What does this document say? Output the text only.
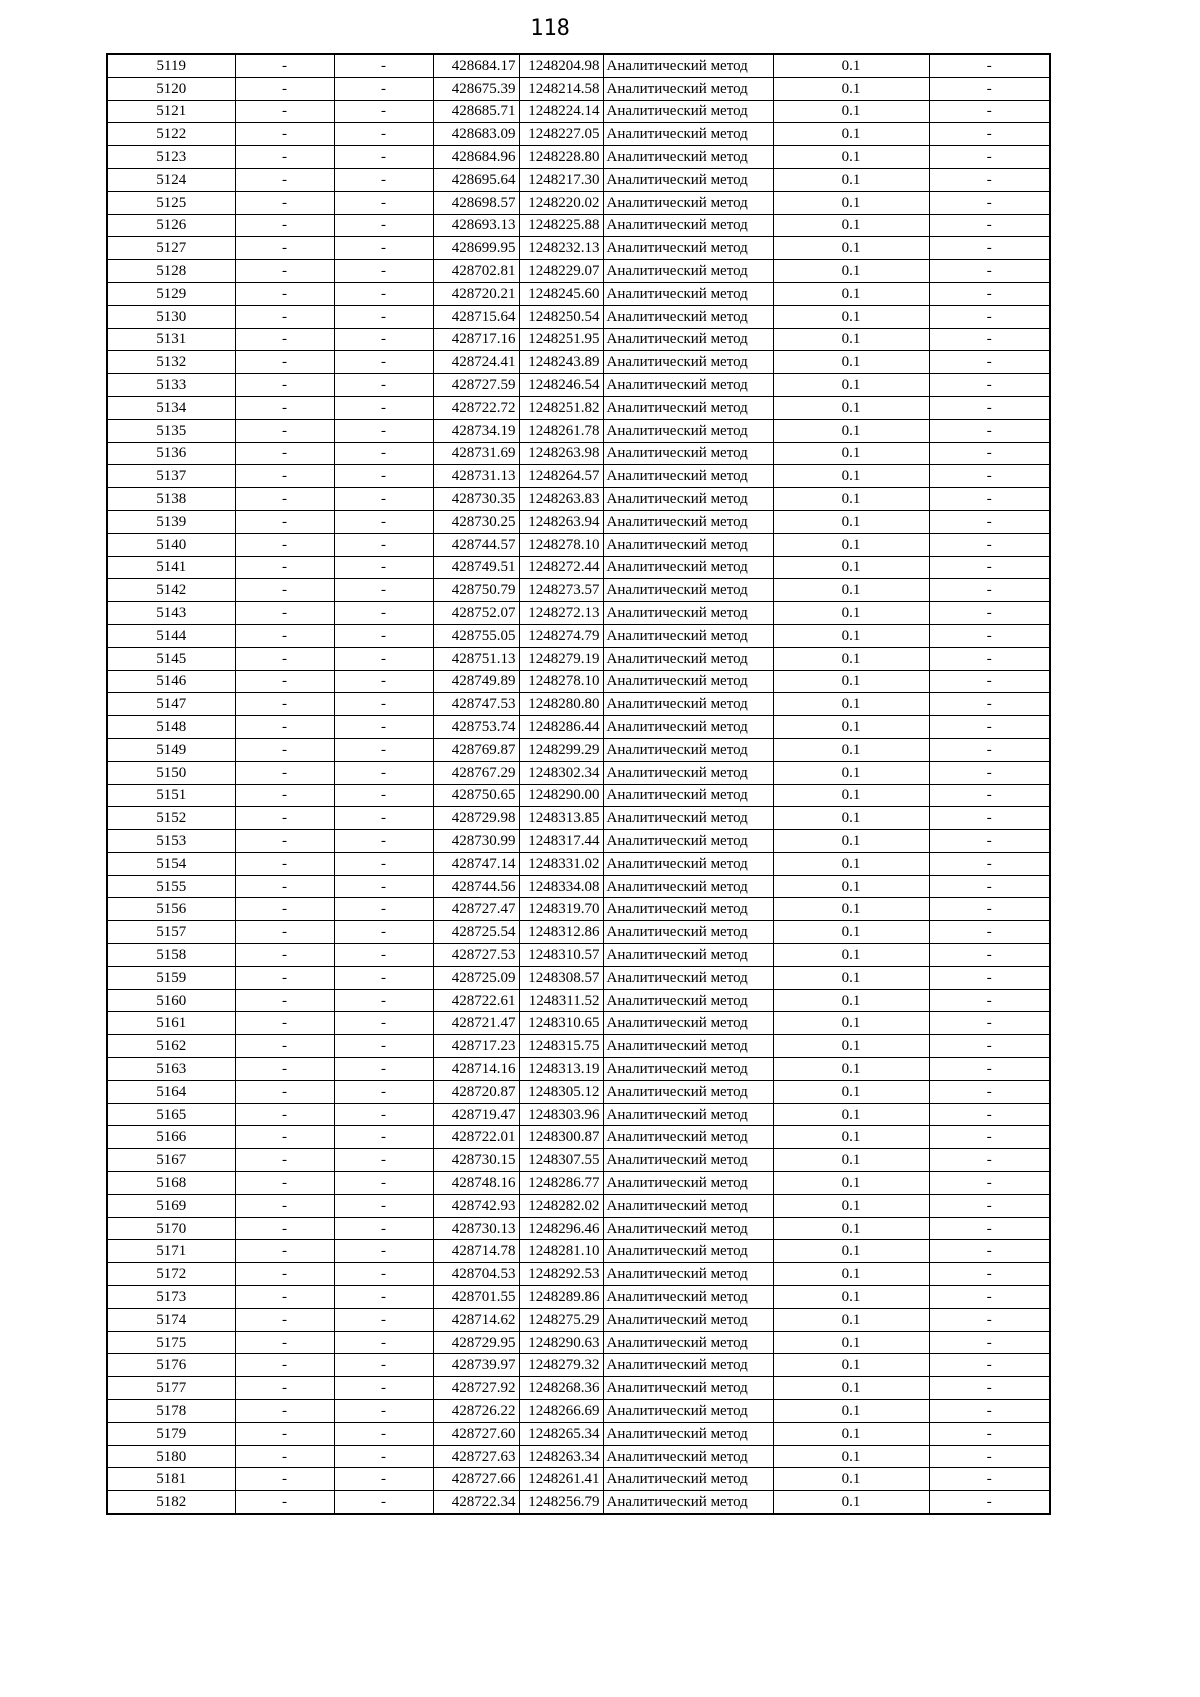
118
5119	-	-	428684.17	1248204.98	Аналитический метод	0.1	-
5120	-	-	428675.39	1248214.58	Аналитический метод	0.1	-
5121	-	-	428685.71	1248224.14	Аналитический метод	0.1	-
5122	-	-	428683.09	1248227.05	Аналитический метод	0.1	-
5123	-	-	428684.96	1248228.80	Аналитический метод	0.1	-
5124	-	-	428695.64	1248217.30	Аналитический метод	0.1	-
5125	-	-	428698.57	1248220.02	Аналитический метод	0.1	-
5126	-	-	428693.13	1248225.88	Аналитический метод	0.1	-
5127	-	-	428699.95	1248232.13	Аналитический метод	0.1	-
5128	-	-	428702.81	1248229.07	Аналитический метод	0.1	-
5129	-	-	428720.21	1248245.60	Аналитический метод	0.1	-
5130	-	-	428715.64	1248250.54	Аналитический метод	0.1	-
5131	-	-	428717.16	1248251.95	Аналитический метод	0.1	-
5132	-	-	428724.41	1248243.89	Аналитический метод	0.1	-
5133	-	-	428727.59	1248246.54	Аналитический метод	0.1	-
5134	-	-	428722.72	1248251.82	Аналитический метод	0.1	-
5135	-	-	428734.19	1248261.78	Аналитический метод	0.1	-
5136	-	-	428731.69	1248263.98	Аналитический метод	0.1	-
5137	-	-	428731.13	1248264.57	Аналитический метод	0.1	-
5138	-	-	428730.35	1248263.83	Аналитический метод	0.1	-
5139	-	-	428730.25	1248263.94	Аналитический метод	0.1	-
5140	-	-	428744.57	1248278.10	Аналитический метод	0.1	-
5141	-	-	428749.51	1248272.44	Аналитический метод	0.1	-
5142	-	-	428750.79	1248273.57	Аналитический метод	0.1	-
5143	-	-	428752.07	1248272.13	Аналитический метод	0.1	-
5144	-	-	428755.05	1248274.79	Аналитический метод	0.1	-
5145	-	-	428751.13	1248279.19	Аналитический метод	0.1	-
5146	-	-	428749.89	1248278.10	Аналитический метод	0.1	-
5147	-	-	428747.53	1248280.80	Аналитический метод	0.1	-
5148	-	-	428753.74	1248286.44	Аналитический метод	0.1	-
5149	-	-	428769.87	1248299.29	Аналитический метод	0.1	-
5150	-	-	428767.29	1248302.34	Аналитический метод	0.1	-
5151	-	-	428750.65	1248290.00	Аналитический метод	0.1	-
5152	-	-	428729.98	1248313.85	Аналитический метод	0.1	-
5153	-	-	428730.99	1248317.44	Аналитический метод	0.1	-
5154	-	-	428747.14	1248331.02	Аналитический метод	0.1	-
5155	-	-	428744.56	1248334.08	Аналитический метод	0.1	-
5156	-	-	428727.47	1248319.70	Аналитический метод	0.1	-
5157	-	-	428725.54	1248312.86	Аналитический метод	0.1	-
5158	-	-	428727.53	1248310.57	Аналитический метод	0.1	-
5159	-	-	428725.09	1248308.57	Аналитический метод	0.1	-
5160	-	-	428722.61	1248311.52	Аналитический метод	0.1	-
5161	-	-	428721.47	1248310.65	Аналитический метод	0.1	-
5162	-	-	428717.23	1248315.75	Аналитический метод	0.1	-
5163	-	-	428714.16	1248313.19	Аналитический метод	0.1	-
5164	-	-	428720.87	1248305.12	Аналитический метод	0.1	-
5165	-	-	428719.47	1248303.96	Аналитический метод	0.1	-
5166	-	-	428722.01	1248300.87	Аналитический метод	0.1	-
5167	-	-	428730.15	1248307.55	Аналитический метод	0.1	-
5168	-	-	428748.16	1248286.77	Аналитический метод	0.1	-
5169	-	-	428742.93	1248282.02	Аналитический метод	0.1	-
5170	-	-	428730.13	1248296.46	Аналитический метод	0.1	-
5171	-	-	428714.78	1248281.10	Аналитический метод	0.1	-
5172	-	-	428704.53	1248292.53	Аналитический метод	0.1	-
5173	-	-	428701.55	1248289.86	Аналитический метод	0.1	-
5174	-	-	428714.62	1248275.29	Аналитический метод	0.1	-
5175	-	-	428729.95	1248290.63	Аналитический метод	0.1	-
5176	-	-	428739.97	1248279.32	Аналитический метод	0.1	-
5177	-	-	428727.92	1248268.36	Аналитический метод	0.1	-
5178	-	-	428726.22	1248266.69	Аналитический метод	0.1	-
5179	-	-	428727.60	1248265.34	Аналитический метод	0.1	-
5180	-	-	428727.63	1248263.34	Аналитический метод	0.1	-
5181	-	-	428727.66	1248261.41	Аналитический метод	0.1	-
5182	-	-	428722.34	1248256.79	Аналитический метод	0.1	-
